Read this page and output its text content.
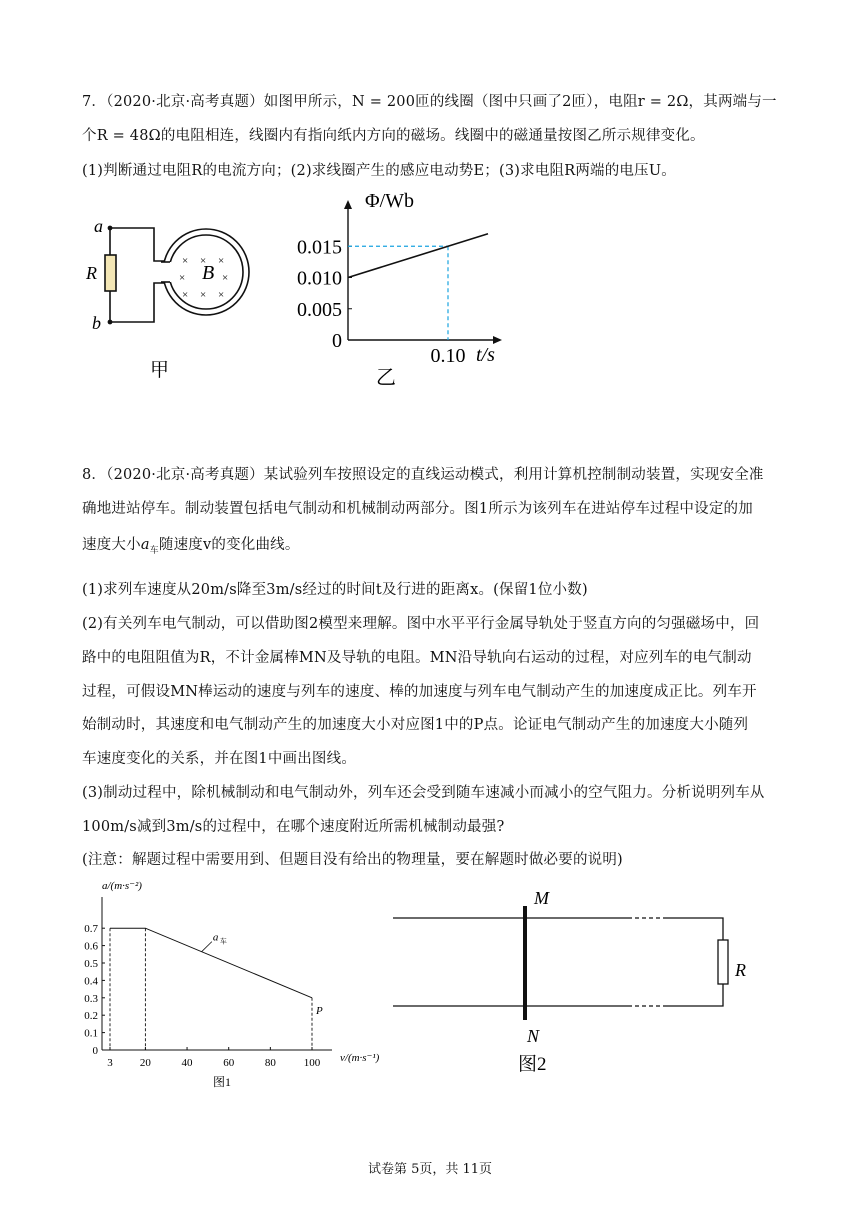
7．（2020·北京·高考真题）如图甲所示，N = 200匝的线圈（图中只画了2匝），电阻r = 2Ω，其两端与一
个R = 48Ω的电阻相连，线圈内有指向纸内方向的磁场。线圈中的磁通量按图乙所示规律变化。
(1)判断通过电阻R的电流方向；(2)求线圈产生的感应电动势E；(3)求电阻R两端的电压U。
a
b
R	B
× × ×
×	×
× × ×
甲
Φ/Wb
t/s
乙
0.015
0.010
0.005
0
0.10
8．（2020·北京·高考真题）某试验列车按照设定的直线运动模式，利用计算机控制制动装置，实现安全准
确地进站停车。制动装置包括电气制动和机械制动两部分。图1所示为该列车在进站停车过程中设定的加
速度大小$a_车$随速度v的变化曲线。
(1)求列车速度从20m/s降至3m/s经过的时间t及行进的距离x。(保留1位小数)
(2)有关列车电气制动，可以借助图2模型来理解。图中水平平行金属导轨处于竖直方向的匀强磁场中，回
路中的电阻阻值为R，不计金属棒MN及导轨的电阻。MN沿导轨向右运动的过程，对应列车的电气制动
过程，可假设MN棒运动的速度与列车的速度、棒的加速度与列车电气制动产生的加速度成正比。列车开
始制动时，其速度和电气制动产生的加速度大小对应图1中的P点。论证电气制动产生的加速度大小随列
车速度变化的关系，并在图1中画出图线。
(3)制动过程中，除机械制动和电气制动外，列车还会受到随车速减小而减小的空气阻力。分析说明列车从
100m/s减到3m/s的过程中，在哪个速度附近所需机械制动最强?
(注意：解题过程中需要用到、但题目没有给出的物理量，要在解题时做必要的说明)
a/(m·s⁻²)
v/(m·s⁻¹)
图1
0.7
0.6
0.5
0.4
0.3
0.2
0.1
0
3 20	40	60	80	100
a 车
P
M
N
R
图2
试卷第 5页，共 11页
